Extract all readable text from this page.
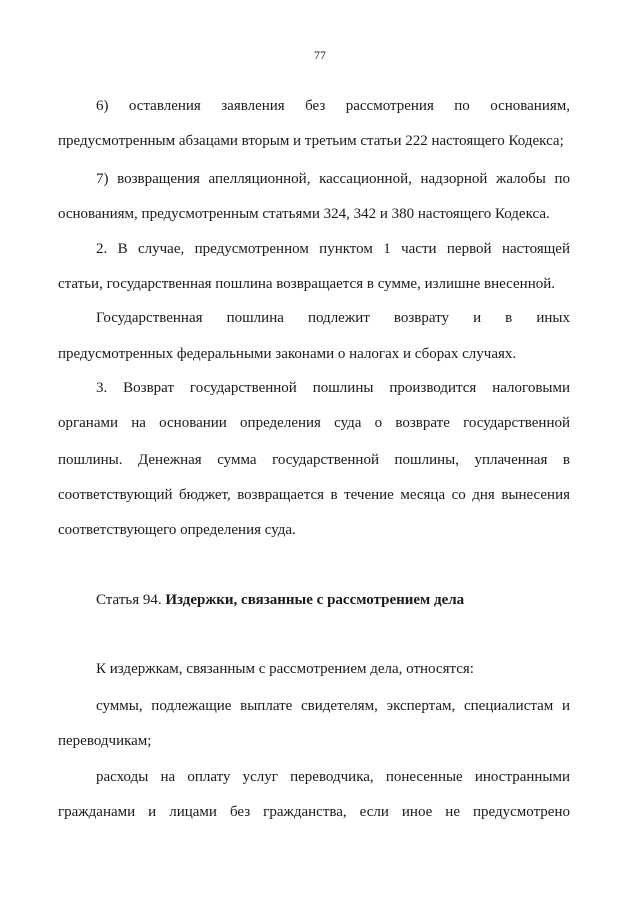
77
6) оставления заявления без рассмотрения по основаниям,
предусмотренным абзацами вторым и третьим статьи 222 настоящего Кодекса;
7) возвращения апелляционной, кассационной, надзорной жалобы по
основаниям, предусмотренным статьями 324, 342 и 380 настоящего Кодекса.
2. В случае, предусмотренном пунктом 1 части первой настоящей
статьи, государственная пошлина возвращается в сумме, излишне внесенной.
Государственная пошлина подлежит возврату и в иных
предусмотренных федеральными законами о налогах и сборах случаях.
3. Возврат государственной пошлины производится налоговыми
органами на основании определения суда о возврате государственной
пошлины. Денежная сумма государственной пошлины, уплаченная в
соответствующий бюджет, возвращается в течение месяца со дня вынесения
соответствующего определения суда.
Статья 94. Издержки, связанные с рассмотрением дела
К издержкам, связанным с рассмотрением дела, относятся:
суммы, подлежащие выплате свидетелям, экспертам, специалистам и
переводчикам;
расходы на оплату услуг переводчика, понесенные иностранными
гражданами и лицами без гражданства, если иное не предусмотрено
